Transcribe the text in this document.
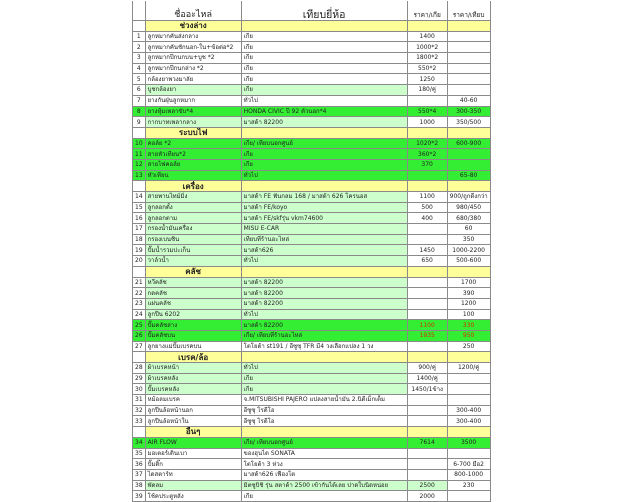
	ชื่ออะไหล่	เทียบยี่ห้อ	ราคา/เกีย	ราคา/เทียบ
	ช่วงล่าง			
1	ลูกหมากคันส่งกลาง	เกีย	1400	
2	ลูกหมากคันชักนอก-ใน+ข้อต่อ*2	เกีย	1000*2	
3	ลูกหมากปีกนกบน+บูช *2	เกีย	1800*2	
4	ลูกหมากปีกนกล่าง *2	เกีย	550*2	
5	กล้องยาพวงมาลัย	เกีย	1250	
6	บูชกล้องยา	เกีย	180/คู่	
7	ยางกันฝุ่นลูกหมาก	ทั่วไป		40-60
8	ยางหุ้มเพลาขับ*4	HONDA CIVIC ปี 92 ตัวนอก*4	550*4	300-350
9	กากบาทเพลากลาง	มาสด้า 82200	1000	350/500
	ระบบไฟ			
10	คอล์ย *2	เกีย/ เทียบนอกศูนย์	1020*2	600-900
11	สายหัวเทียน*2	เกีย	360*2	
12	สายไฟคอล์ย	เกีย	370	
13	หัวเทียน	ทั่วไป		65-80
	เครื่อง			
14	สายพานไทม์มิ่ง	มาสด้า FE ฟันกลม 168 / มาสด้า 626 โครนอส	1100	900/ถูกดีงกว่า
15	ลูกลอกตั้ง	มาสด้า FE/koyo	500	980/450
16	ลูกลอกตาม	มาสด้า FE/skfรุ่น vkm74600	400	680/380
17	กรองน้ำมันเครื่อง	MISU E-CAR		60
18	กรองเบนซิน	เทียบที่ร้านอะไหล่		350
19	ปั๊มน้ำรวมปะเก็น	มาสด้า626	1450	1000-2200
20	วาล์วน้ำ	ทั่วไป	650	500-600
	คลัช			
21	หวีคลัช	มาสด้า 82200		1700
22	กดคลัช	มาสด้า 82200		390
23	แผ่นคลัช	มาสด้า 82200		1200
24	ลูกปืน 6202	ทั่วไป		100
25	ปั๊มคลัชล่าง	มาสด้า 82200	1100	330
26	ปั๊มคลัชบน	เกีย/ เทียบที่ร้านอะไหล่	1935	950
27	ลูกยางแม่ปั๊มเบรคบน	โตโยต้า st191 / อีซูซุ TFR มี4 วงเลือกแปลง 1 วง		250
	เบรค/ล้อ			
28	ผ้าเบรคหน้า	ทั่วไป	900/คู่	1200/คู่
29	ผ้าเบรคหลัง	เกีย	1400/คู่	
30	ปั๊มเบรคหลัง	เกีย	1450/1ข้าง	
31	หม้อลมเบรค	จ.MITSUBISHI PAJERO แปลงสายน้ำมัน 2.นิดีเม็กเต็ม		
32	ลูกปืนล้อหน้านอก	อีซูซุ โรดีโอ		300-400
33	ลูกปืนล้อหน้าใน	อีซูซุ โรดีโอ		300-400
	อื่นๆ			
34	AIR FLOW	เกีย/ เทียบนอกศูนย์	7614	3500
35	มอเตอร์เดินเบา	ของฮุนได SONATA		
36	ปั๊มติ๊ก	โตโยต้า 3 ห่วง		6-700 มือ2
37	ไดสตาร์ท	มาสด้า626 เฟืองโต		800-1000
38	พัดลม	มิตซูบิชิ รุ่น สตาด้า 2500 เข้ากันได้เลย ปาดใบนิดหน่อย	2500	230
39	โช้คประตูหลัง	เกีย	2000	
